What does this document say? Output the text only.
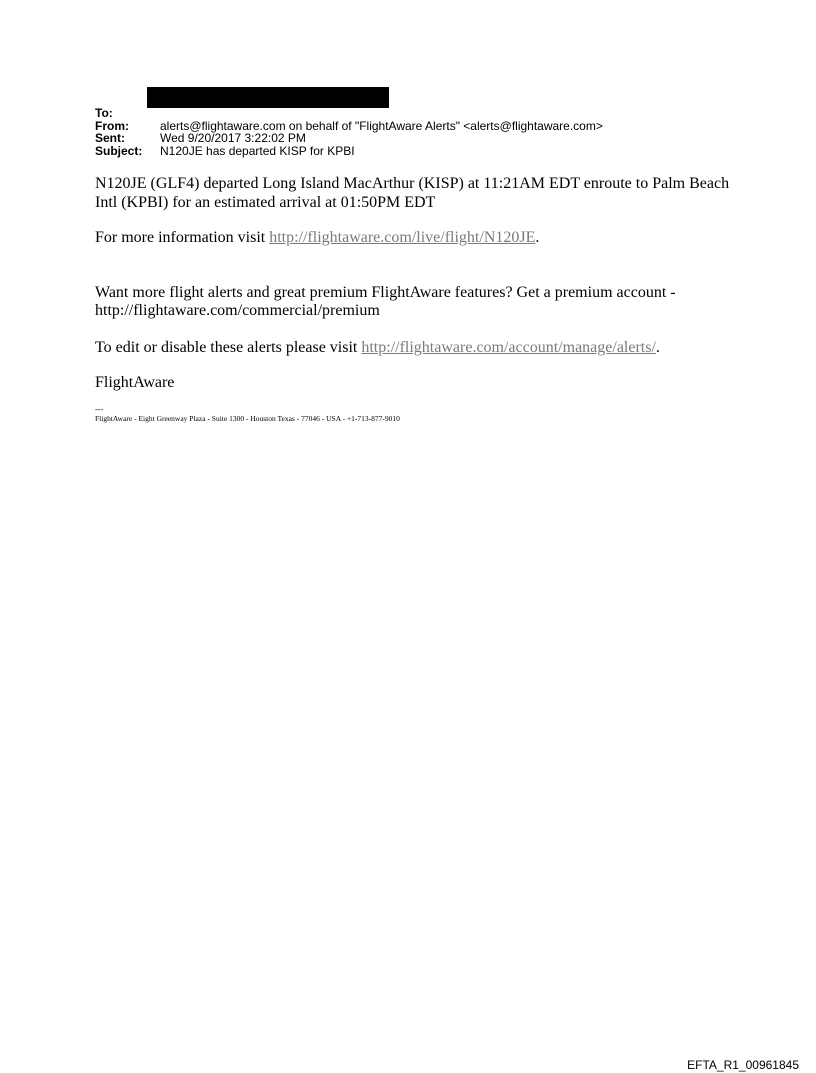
To:
From:	alerts@flightaware.com on behalf of "FlightAware Alerts" <alerts@flightaware.com>
Sent:	Wed 9/20/2017 3:22:02 PM
Subject:	N120JE has departed KISP for KPBI

N120JE (GLF4) departed Long Island MacArthur (KISP) at 11:21AM EDT enroute to Palm Beach Intl (KPBI) for an estimated arrival at 01:50PM EDT

For more information visit http://flightaware.com/live/flight/N120JE.

Want more flight alerts and great premium FlightAware features? Get a premium account - http://flightaware.com/commercial/premium

To edit or disable these alerts please visit http://flightaware.com/account/manage/alerts/.

FlightAware

---

FlightAware - Eight Greenway Plaza - Suite 1300 - Houston Texas - 77046 - USA - +1-713-877-9010

EFTA_R1_00961845
